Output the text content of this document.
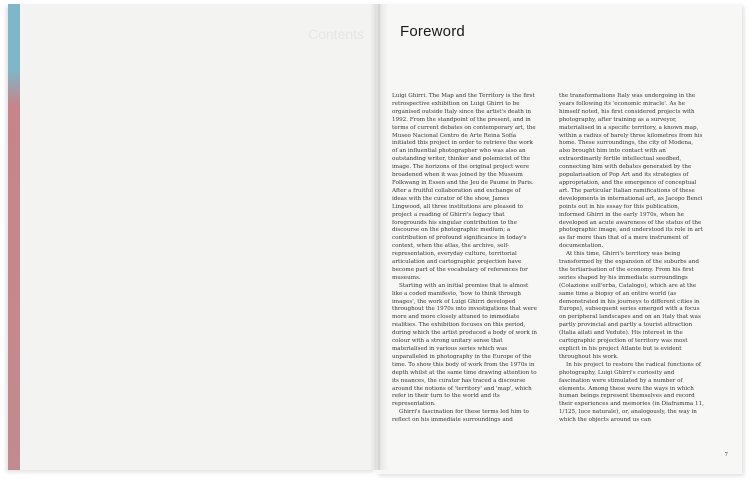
Contents Foreword

Luigi Ghirri. The Map and the Territory is the first retrospective exhibition on Luigi Ghirri to be organised outside Italy since the artist's death in 1992. From the standpoint of the present, and in terms of current debates on contemporary art, the Museo Nacional Centro de Arte Reina Sofía initiated this project in order to retrieve the work of an influential photographer who was also an outstanding writer, thinker and polemicist of the image. The horizons of the original project were broadened when it was joined by the Museum Folkwang in Essen and the Jeu de Paume in Paris. After a fruitful collaboration and exchange of ideas with the curator of the show, James Lingwood, all three institutions are pleased to project a reading of Ghirri's legacy that foregrounds his singular contribution to the discourse on the photographic medium; a contribution of profound significance in today's context, when the atlas, the archive, self-representation, everyday culture, territorial articulation and cartographic projection have become part of the vocabulary of references for museums.

Starting with an initial premise that is almost like a coded manifesto, 'how to think through images', the work of Luigi Ghirri developed throughout the 1970s into investigations that were more and more closely attuned to immediate realities. The exhibition focuses on this period, during which the artist produced a body of work in colour with a strong unitary sense that materialised in various series which was unparalleled in photography in the Europe of the time. To show this body of work from the 1970s in depth whilst at the same time drawing attention to its nuances, the curator has traced a discourse around the notions of 'territory' and 'map', which refer in their turn to the world and its representation.

Ghirri's fascination for these terms led him to reflect on his immediate surroundings and

the transformations Italy was undergoing in the years following its 'economic miracle'. As he himself noted, his first considered projects with photography, after training as a surveyor, materialised in a specific territory, a known map, within a radius of barely three kilometres from his home. These surroundings, the city of Modena, also brought him into contact with an extraordinarily fertile intellectual seedbed, connecting him with debates generated by the popularisation of Pop Art and its strategies of appropriation, and the emergence of conceptual art. The particular Italian ramifications of these developments in international art, as Jacopo Benci points out in his essay for this publication, informed Ghirri in the early 1970s, when he developed an acute awareness of the status of the photographic image, and understood its role in art as far more than that of a mere instrument of documentation.

At this time, Ghirri's territory was being transformed by the expansion of the suburbs and the tertiarisation of the economy. From his first series shaped by his immediate surroundings (Colazione sull'erba, Catalogo), which are at the same time a biopsy of an entire world (as demonstrated in his journeys to different cities in Europe), subsequent series emerged with a focus on peripheral landscapes and on an Italy that was partly provincial and partly a tourist attraction (Italia ailati and Vedute). His interest in the cartographic projection of territory was most explicit in his project Atlante but is evident throughout his work.

In his project to restore the radical functions of photography, Luigi Ghirri's curiosity and fascination were stimulated by a number of elements. Among these were the ways in which human beings represent themselves and record their experiences and memories (in Diaframma 11, 1/125, luce naturale), or, analogously, the way in which the objects around us can

7
